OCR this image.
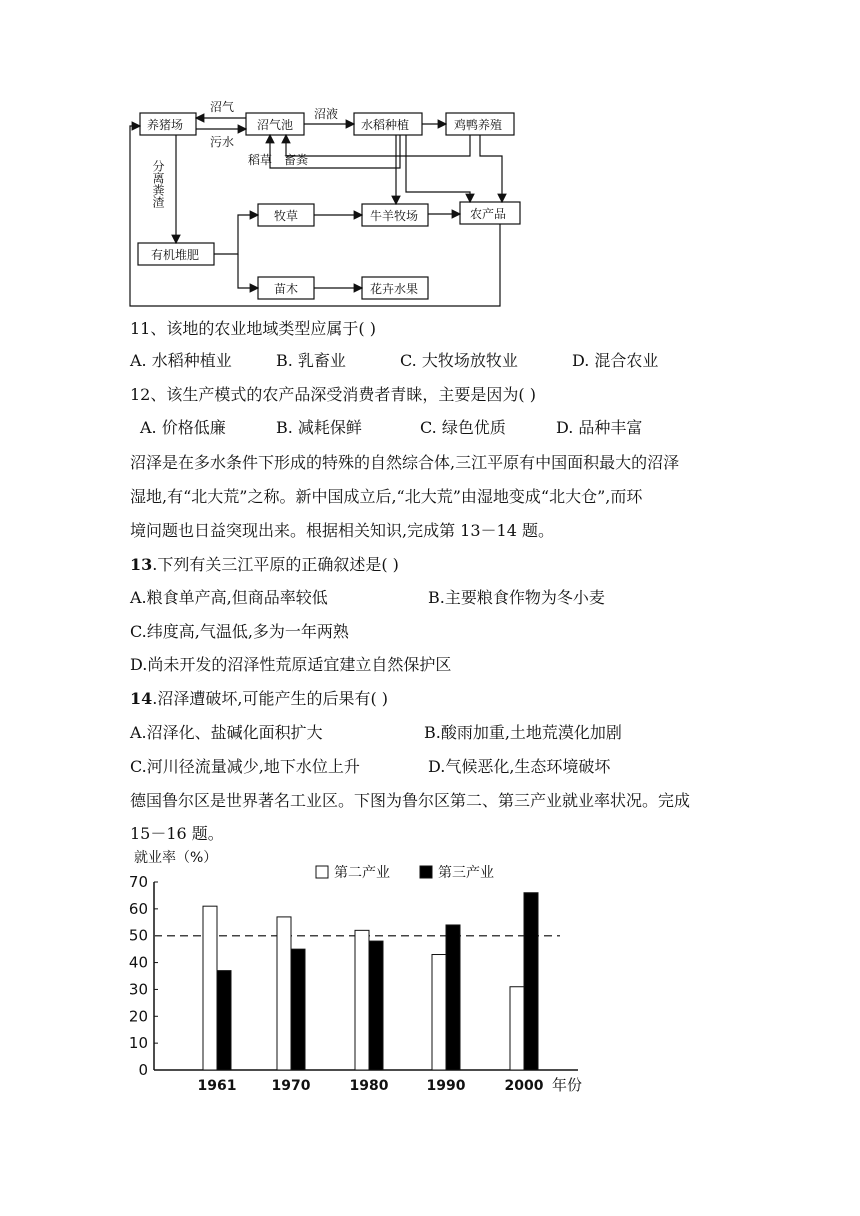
养猪场	沼气池	水稻种植	鸡鸭养殖
有机堆肥
牧草	牛羊牧场	农产品
苗木	花卉水果
沼气
污水
沼液
稻草 畜粪
分离粪渣
11、该地的农业地域类型应属于( )
A. 水稻种植业	B. 乳畜业	C. 大牧场放牧业	D. 混合农业
12、该生产模式的农产品深受消费者青睐，主要是因为( )
A. 价格低廉	B. 减耗保鲜	C. 绿色优质	D. 品种丰富
沼泽是在多水条件下形成的特殊的自然综合体,三江平原有中国面积最大的沼泽
湿地,有“北大荒”之称。新中国成立后,“北大荒”由湿地变成“北大仓”,而环
境问题也日益突现出来。根据相关知识,完成第 13－14 题。
13.下列有关三江平原的正确叙述是( )
A.粮食单产高,但商品率较低	B.主要粮食作物为冬小麦
C.纬度高,气温低,多为一年两熟
D.尚未开发的沼泽性荒原适宜建立自然保护区
14.沼泽遭破坏,可能产生的后果有( )
A.沼泽化、盐碱化面积扩大	B.酸雨加重,土地荒漠化加剧
C.河川径流量减少,地下水位上升	D.气候恶化,生态环境破坏
德国鲁尔区是世界著名工业区。下图为鲁尔区第二、第三产业就业率状况。完成
15－16 题。
就业率（%）
第二产业	第三产业
0
10
20
30
40
50
60
70
1961	1970	1980	1990	2000 年份
